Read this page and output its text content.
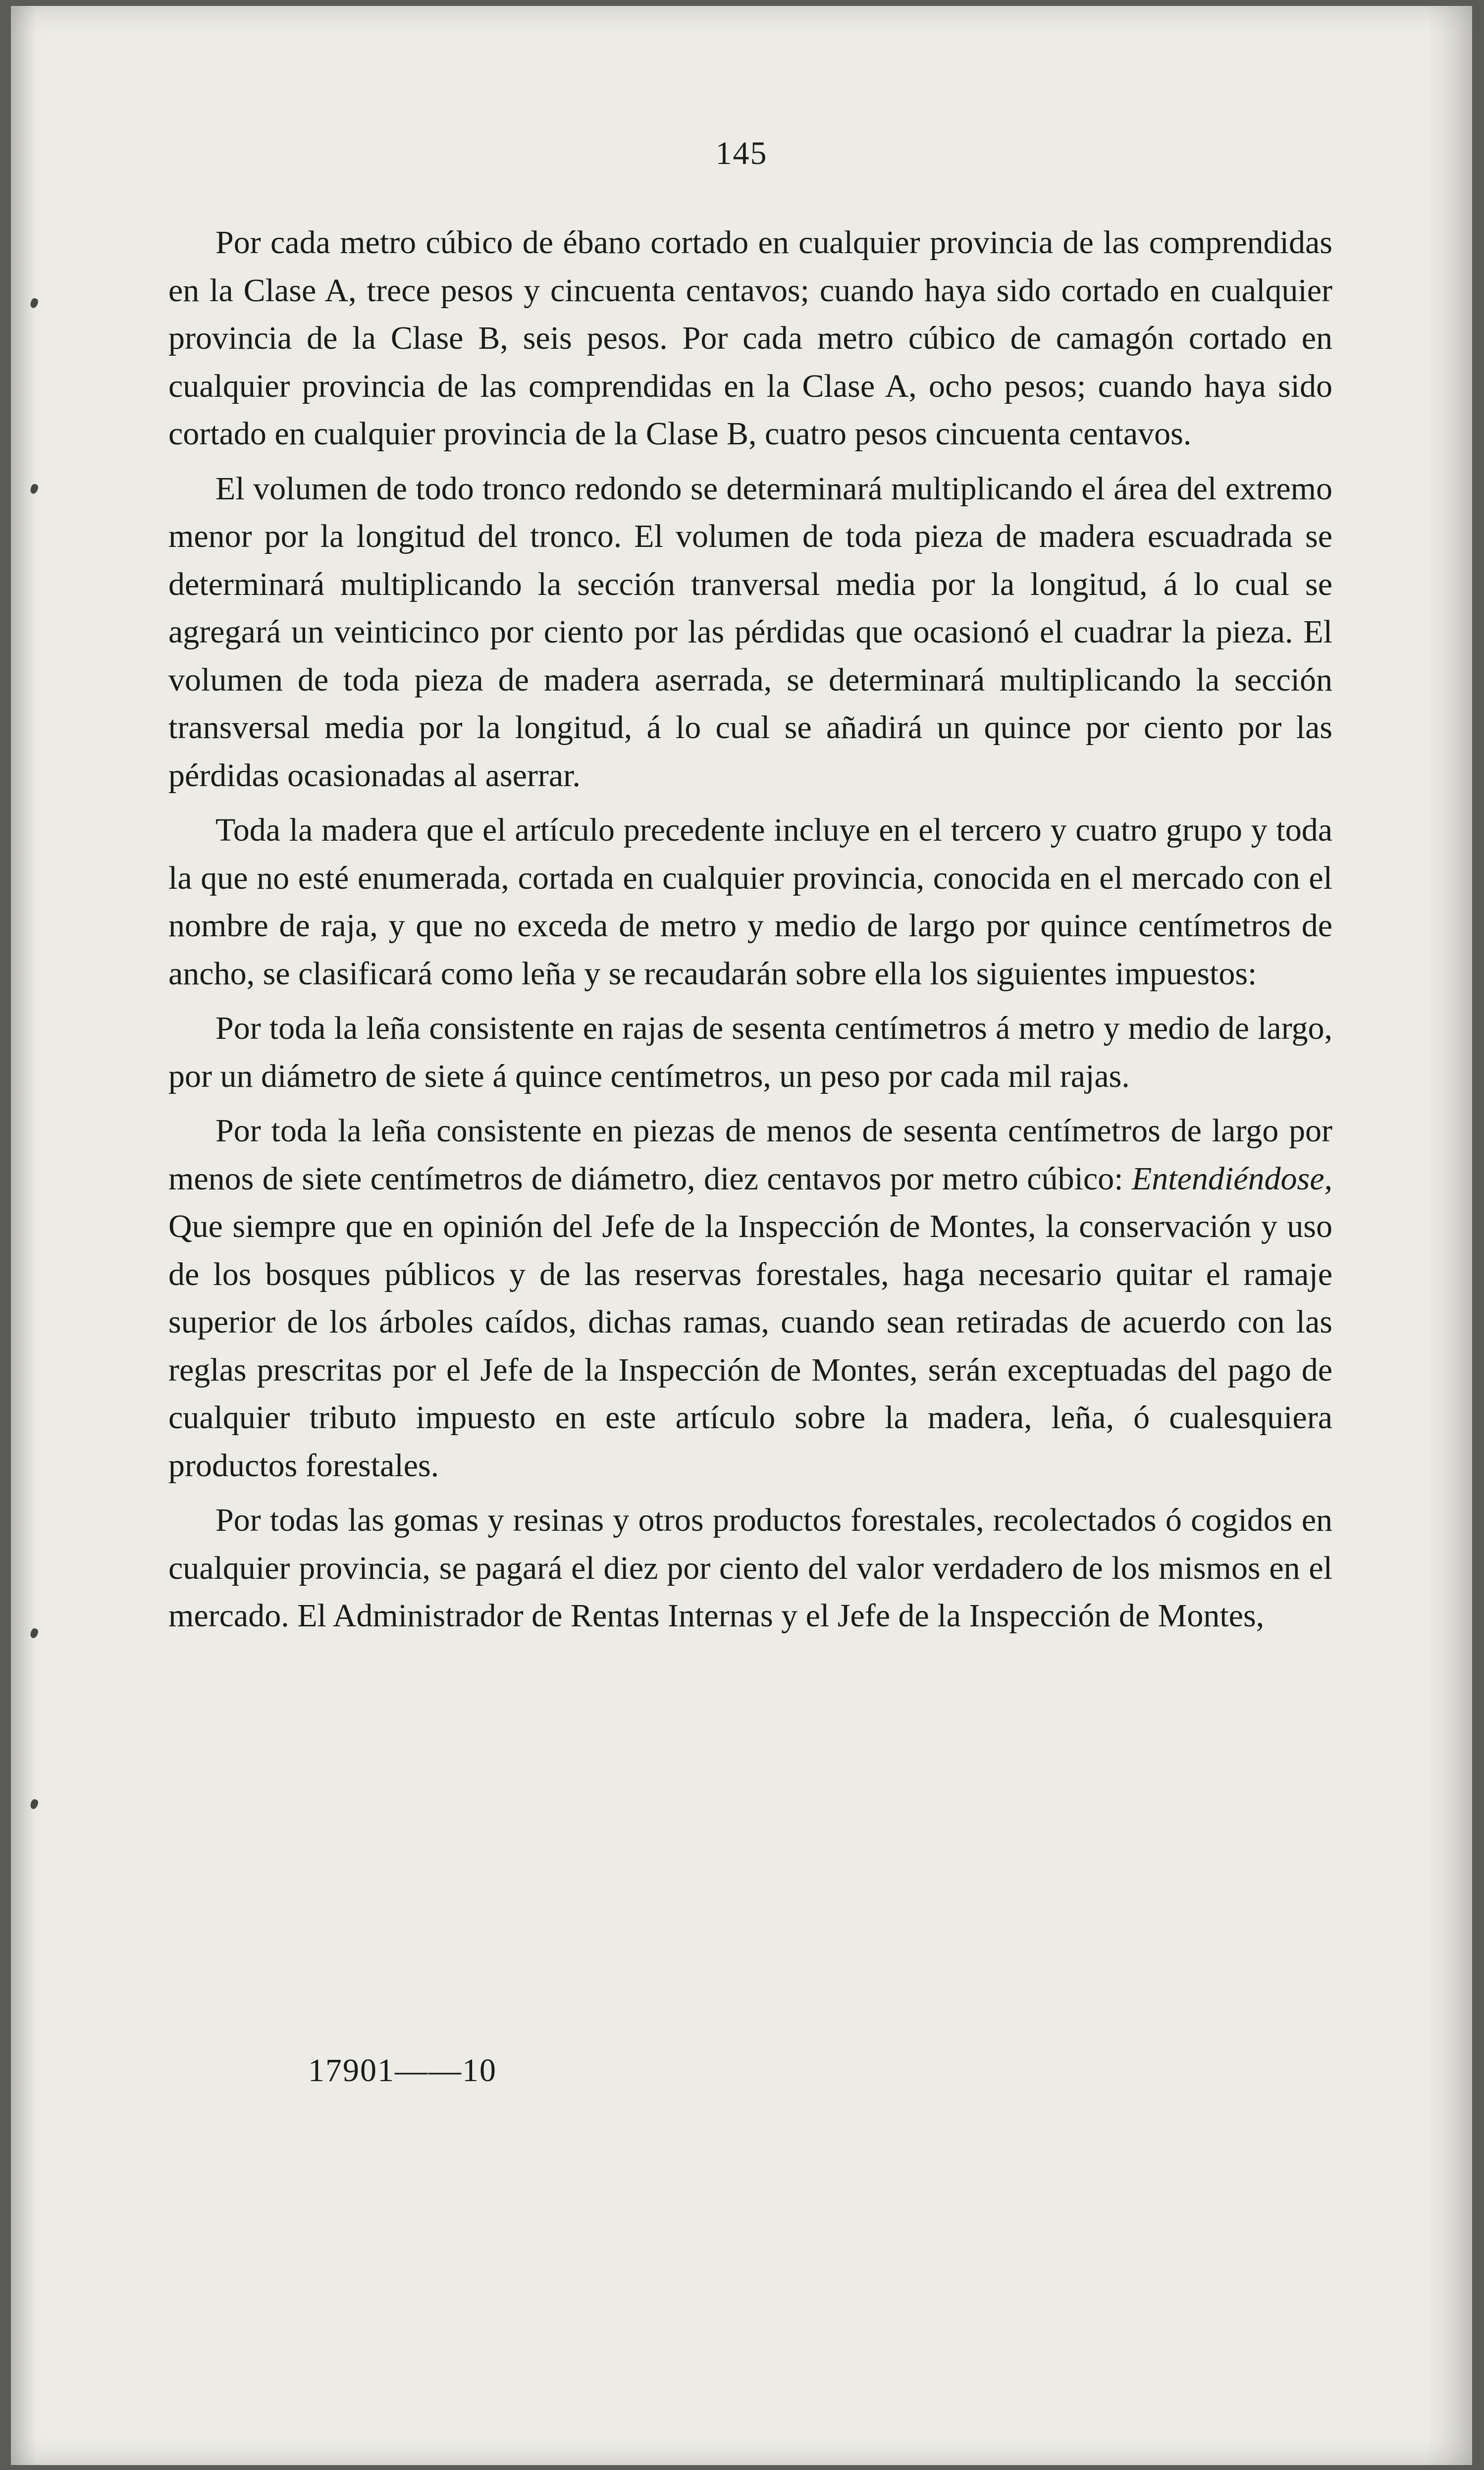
145

Por cada metro cúbico de ébano cortado en cualquier provincia de las comprendidas en la Clase A, trece pesos y cincuenta centavos; cuando haya sido cortado en cualquier provincia de la Clase B, seis pesos. Por cada metro cúbico de camagón cortado en cualquier provincia de las comprendidas en la Clase A, ocho pesos; cuando haya sido cortado en cualquier provincia de la Clase B, cuatro pesos cincuenta centavos.

El volumen de todo tronco redondo se determinará multiplicando el área del extremo menor por la longitud del tronco. El volumen de toda pieza de madera escuadrada se determinará multiplicando la sección tranversal media por la longitud, á lo cual se agregará un veinticinco por ciento por las pérdidas que ocasionó el cuadrar la pieza. El volumen de toda pieza de madera aserrada, se determinará multiplicando la sección transversal media por la longitud, á lo cual se añadirá un quince por ciento por las pérdidas ocasionadas al aserrar.

Toda la madera que el artículo precedente incluye en el tercero y cuatro grupo y toda la que no esté enumerada, cortada en cualquier provincia, conocida en el mercado con el nombre de raja, y que no exceda de metro y medio de largo por quince centímetros de ancho, se clasificará como leña y se recaudarán sobre ella los siguientes impuestos:

Por toda la leña consistente en rajas de sesenta centímetros á metro y medio de largo, por un diámetro de siete á quince centímetros, un peso por cada mil rajas.

Por toda la leña consistente en piezas de menos de sesenta centímetros de largo por menos de siete centímetros de diámetro, diez centavos por metro cúbico: Entendiéndose, Que siempre que en opinión del Jefe de la Inspección de Montes, la conservación y uso de los bosques públicos y de las reservas forestales, haga necesario quitar el ramaje superior de los árboles caídos, dichas ramas, cuando sean retiradas de acuerdo con las reglas prescritas por el Jefe de la Inspección de Montes, serán exceptuadas del pago de cualquier tributo impuesto en este artículo sobre la madera, leña, ó cualesquiera productos forestales.

Por todas las gomas y resinas y otros productos forestales, recolectados ó cogidos en cualquier provincia, se pagará el diez por ciento del valor verdadero de los mismos en el mercado. El Administrador de Rentas Internas y el Jefe de la Inspección de Montes,

17901——10
